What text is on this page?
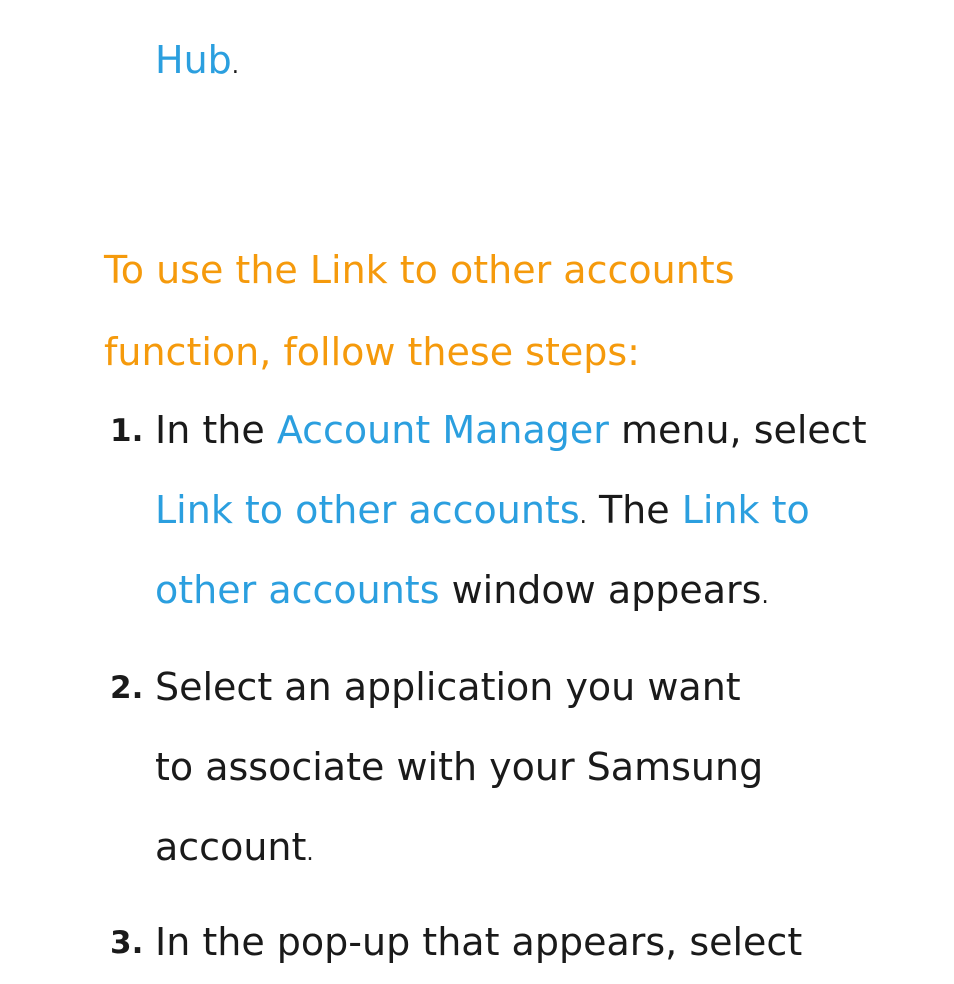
Hub.
To use the Link to other accounts
function, follow these steps:
1. In the Account Manager menu, select
Link to other accounts. The Link to
other accounts window appears.
2. Select an application you want
to associate with your Samsung
account.
3. In the pop-up that appears, select
